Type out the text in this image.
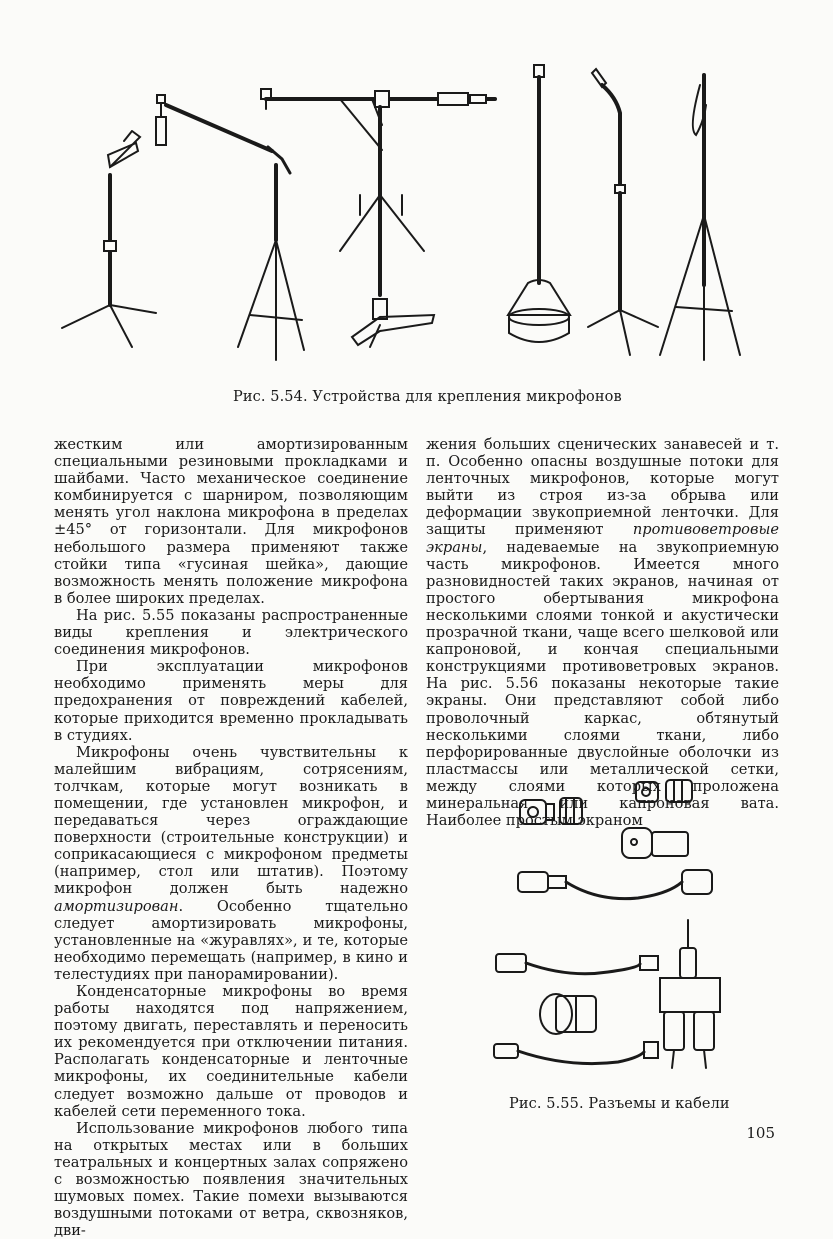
Рис. 5.54. Устройства для крепления микрофонов

жестким или амортизированным специальными резиновыми прокладками и шайбами. Часто механическое соединение комбинируется с шарниром, позволяющим менять угол наклона микрофона в пределах ±45° от горизонтали. Для микрофонов небольшого размера применяют также стойки типа «гусиная шейка», дающие возможность менять положение микрофона в более широких пределах.

На рис. 5.55 показаны распространенные виды крепления и электрического соединения микрофонов.

При эксплуатации микрофонов необходимо применять меры для предохранения от повреждений кабелей, которые приходится временно прокладывать в студиях.

Микрофоны очень чувствительны к малейшим вибрациям, сотрясениям, толчкам, которые могут возникать в помещении, где установлен микрофон, и передаваться через ограждающие поверхности (строительные конструкции) и соприкасающиеся с микрофоном предметы (например, стол или штатив). Поэтому микрофон должен быть надежно амортизирован. Особенно тщательно следует амортизировать микрофоны, установленные на «журавлях», и те, которые необходимо перемещать (например, в кино и телестудиях при панорамировании).

Конденсаторные микрофоны во время работы находятся под напряжением, поэтому двигать, переставлять и переносить их рекомендуется при отключении питания. Располагать конденсаторные и ленточные микрофоны, их соединительные кабели следует возможно дальше от проводов и кабелей сети переменного тока.

Использование микрофонов любого типа на открытых местах или в больших театральных и концертных залах сопряжено с возможностью появления значительных шумовых помех. Такие помехи вызываются воздушными потоками от ветра, сквозняков, дви-

жения больших сценических занавесей и т. п. Особенно опасны воздушные потоки для ленточных микрофонов, которые могут выйти из строя из-за обрыва или деформации звукоприемной ленточки. Для защиты применяют противоветровые экраны, надеваемые на звукоприемную часть микрофонов. Имеется много разновидностей таких экранов, начиная от простого обертывания микрофона несколькими слоями тонкой и акустически прозрачной ткани, чаще всего шелковой или капроновой, и кончая специальными конструкциями противоветровых экранов. На рис. 5.56 показаны некоторые такие экраны. Они представляют собой либо проволочный каркас, обтянутый несколькими слоями ткани, либо перфорированные двуслойные оболочки из пластмассы или металлической сетки, между слоями которых проложена минеральная или капроновая вата. Наиболее простым экраном

Рис. 5.55. Разъемы и кабели
105
